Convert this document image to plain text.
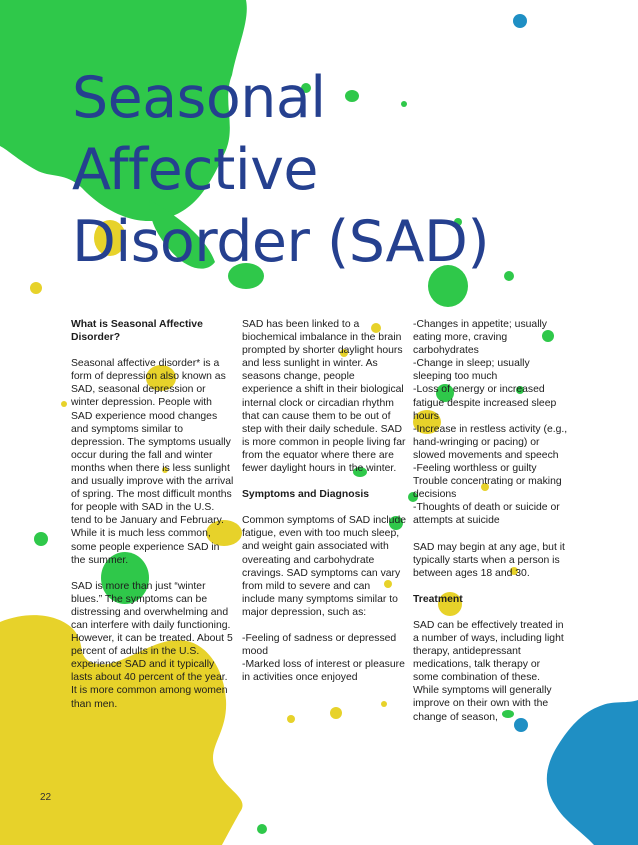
Seasonal
Affective
Disorder (SAD)
What is Seasonal Affective Disorder?

Seasonal affective disorder* is a form of depression also known as SAD, seasonal depression or winter depression. People with SAD experience mood changes and symptoms similar to depression. The symptoms usually occur during the fall and winter months when there is less sunlight and usually improve with the arrival of spring. The most difficult months for people with SAD in the U.S. tend to be January and February. While it is much less common, some people experience SAD in the summer.

SAD is more than just “winter blues.” The symptoms can be distressing and overwhelming and can interfere with daily functioning. However, it can be treated. About 5 percent of adults in the U.S. experience SAD and it typically lasts about 40 percent of the year. It is more common among women than men.

SAD has been linked to a biochemical imbalance in the brain prompted by shorter daylight hours and less sunlight in winter. As seasons change, people experience a shift in their biological internal clock or circadian rhythm that can cause them to be out of step with their daily schedule. SAD is more common in people living far from the equator where there are fewer daylight hours in the winter.

Symptoms and Diagnosis

Common symptoms of SAD include fatigue, even with too much sleep, and weight gain associated with overeating and carbohydrate cravings. SAD symptoms can vary from mild to severe and can include many symptoms similar to major depression, such as:

-Feeling of sadness or depressed mood
-Marked loss of interest or pleasure in activities once enjoyed
-Changes in appetite; usually eating more, craving carbohydrates
-Change in sleep; usually sleeping too much
-Loss of energy or increased fatigue despite increased sleep hours
-Increase in restless activity (e.g., hand-wringing or pacing) or slowed movements and speech
-Feeling worthless or guilty Trouble concentrating or making decisions
-Thoughts of death or suicide or attempts at suicide

SAD may begin at any age, but it typically starts when a person is between ages 18 and 30.

Treatment

SAD can be effectively treated in a number of ways, including light therapy, antidepressant medications, talk therapy or some combination of these. While symptoms will generally improve on their own with the change of season,

22
